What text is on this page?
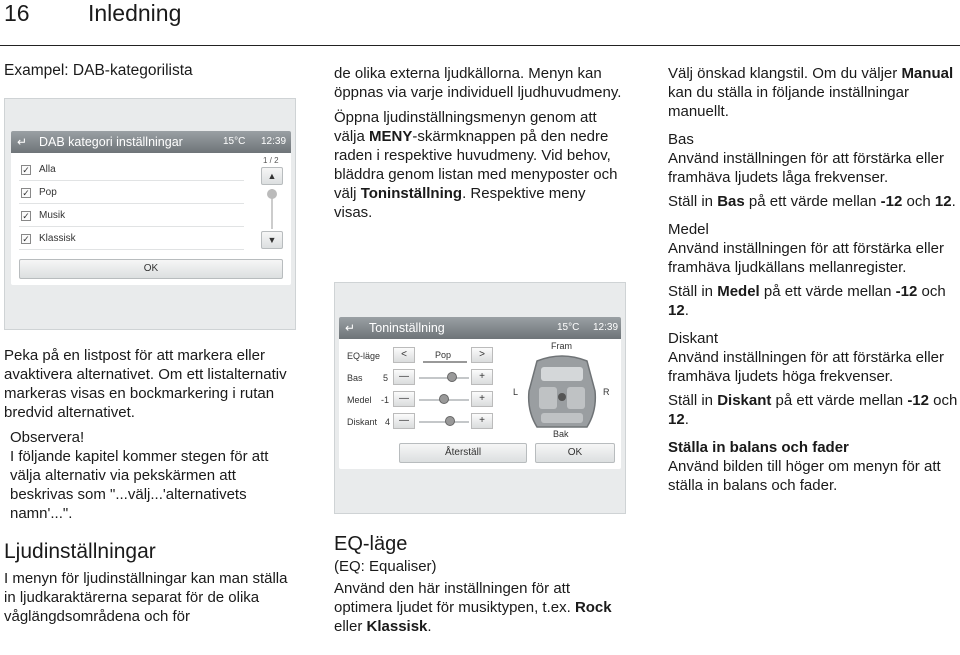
16	Inledning
Exampel: DAB-kategorilista
↵ DAB kategori inställningar	15°C 12:39
✓ Alla
✓ Pop
✓ Musik
✓ Klassisk
1 / 2
▲
▼
OK

Peka på en listpost för att markera eller avaktivera alternativet. Om ett listalternativ markeras visas en bockmarkering i rutan bredvid alternativet.

Observera!

I följande kapitel kommer stegen för att välja alternativ via pekskärmen att beskrivas som "...välj...'alternativets namn'...".

Ljudinställningar

I menyn för ljudinställningar kan man ställa in ljudkaraktärerna separat för de olika våglängdsområdena och för

de olika externa ljudkällorna. Menyn kan öppnas via varje individuell ljudhuvudmeny.

Öppna ljudinställningsmenyn genom att välja MENY-skärmknappen på den nedre raden i respektive huvudmeny. Vid behov, bläddra genom listan med menyposter och välj Toninställning. Respektive meny visas.

↵ Toninställning	15°C 12:39
EQ-läge	<	Pop	>
Bas 5	—	+
Medel -1 —	+
Diskant 4 —	+
Fram
Bak
L	R
Återställ	OK

EQ-läge

(EQ: Equaliser)

Använd den här inställningen för att optimera ljudet för musiktypen, t.ex. Rock eller Klassisk.

Välj önskad klangstil. Om du väljer Manual kan du ställa in följande inställningar manuellt.

Bas

Använd inställningen för att förstärka eller framhäva ljudets låga frekvenser.

Ställ in Bas på ett värde mellan -12 och 12.

Medel

Använd inställningen för att förstärka eller framhäva ljudkällans mellanregister.

Ställ in Medel på ett värde mellan -12 och 12.

Diskant

Använd inställningen för att förstärka eller framhäva ljudets höga frekvenser.

Ställ in Diskant på ett värde mellan -12 och 12.

Ställa in balans och fader

Använd bilden till höger om menyn för att ställa in balans och fader.
